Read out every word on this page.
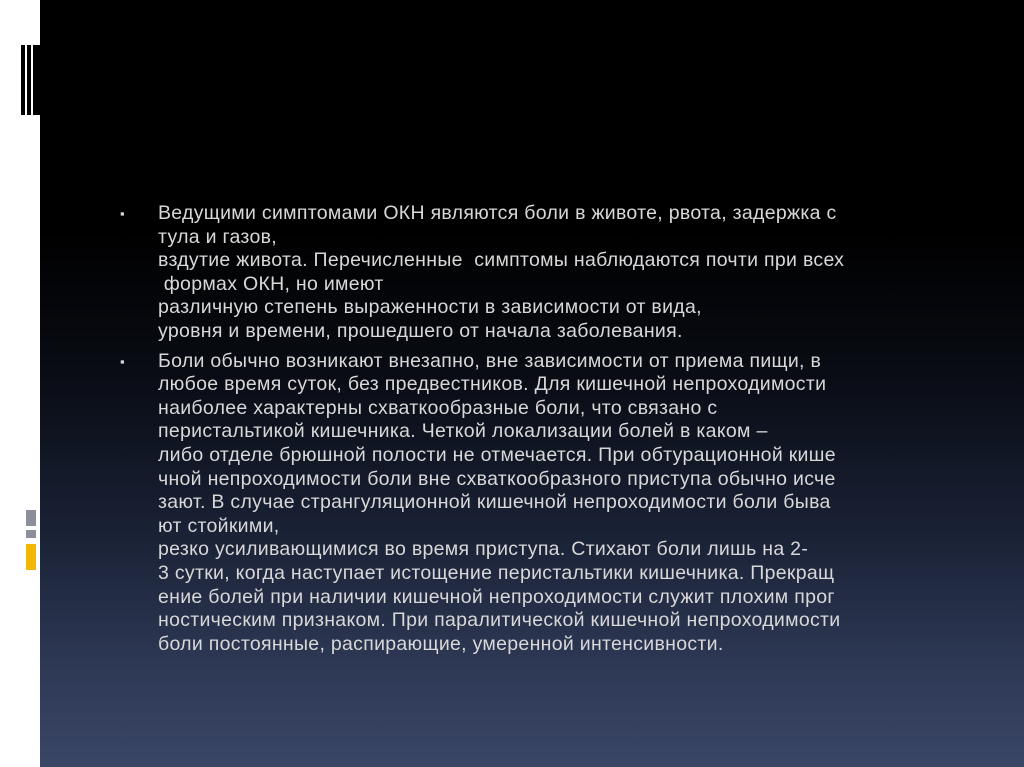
▪ Ведущими симптомами ОКН являются боли в животе, рвота, задержка с
тула и газов,
вздутие живота. Перечисленные  симптомы наблюдаются почти при всех
формах ОКН, но имеют
различную степень выраженности в зависимости от вида,
уровня и времени, прошедшего от начала заболевания.
▪ Боли обычно возникают внезапно, вне зависимости от приема пищи, в
любое время суток, без предвестников. Для кишечной непроходимости
наиболее характерны схваткообразные боли, что связано с
перистальтикой кишечника. Четкой локализации болей в каком –
либо отделе брюшной полости не отмечается. При обтурационной кише
чной непроходимости боли вне схваткообразного приступа обычно исче
зают. В случае странгуляционной кишечной непроходимости боли быва
ют стойкими,
резко усиливающимися во время приступа. Стихают боли лишь на 2-
3 сутки, когда наступает истощение перистальтики кишечника. Прекращ
ение болей при наличии кишечной непроходимости служит плохим прог
ностическим признаком. При паралитической кишечной непроходимости
боли постоянные, распирающие, умеренной интенсивности.
